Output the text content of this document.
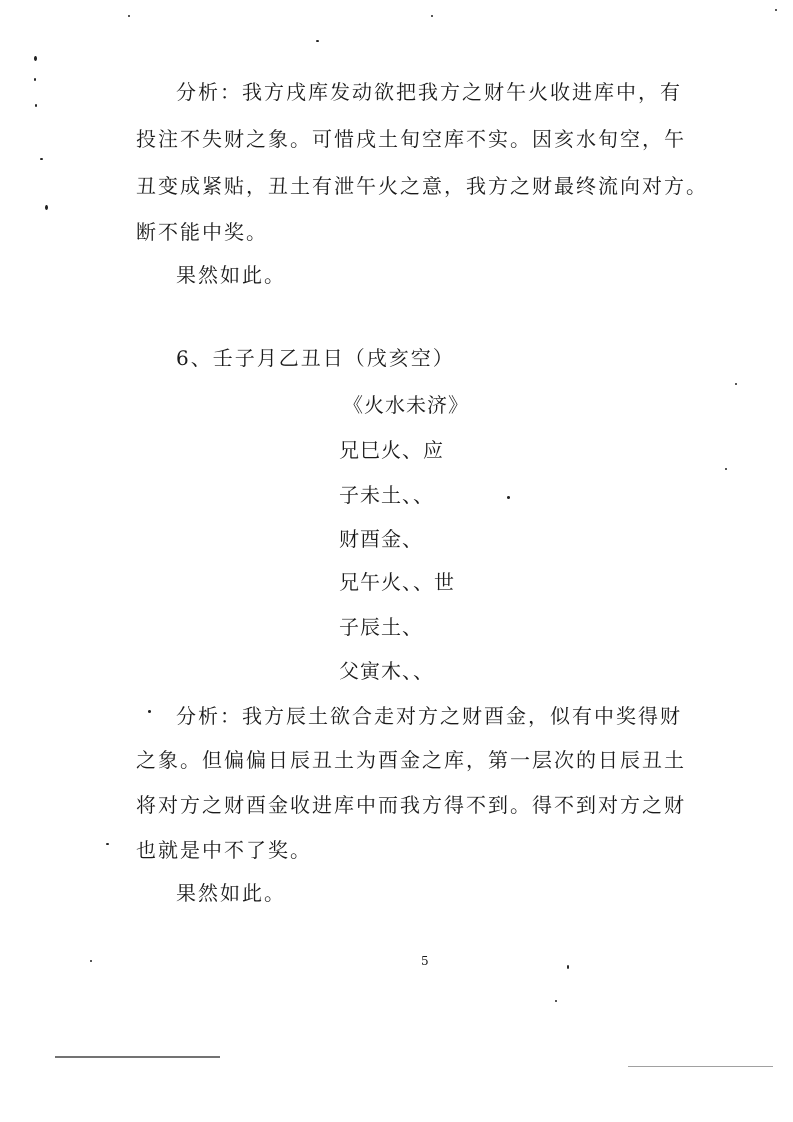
分析：我方戌库发动欲把我方之财午火收进库中，有
投注不失财之象。可惜戌土旬空库不实。因亥水旬空，午
丑变成紧贴，丑土有泄午火之意，我方之财最终流向对方。
断不能中奖。
果然如此。
6、壬子月乙丑日（戌亥空）
《火水未济》
兄巳火、应
子未土、、
财酉金、
兄午火、、世
子辰土、
父寅木、、
分析：我方辰土欲合走对方之财酉金，似有中奖得财
之象。但偏偏日辰丑土为酉金之库，第一层次的日辰丑土
将对方之财酉金收进库中而我方得不到。得不到对方之财
也就是中不了奖。
果然如此。
5
